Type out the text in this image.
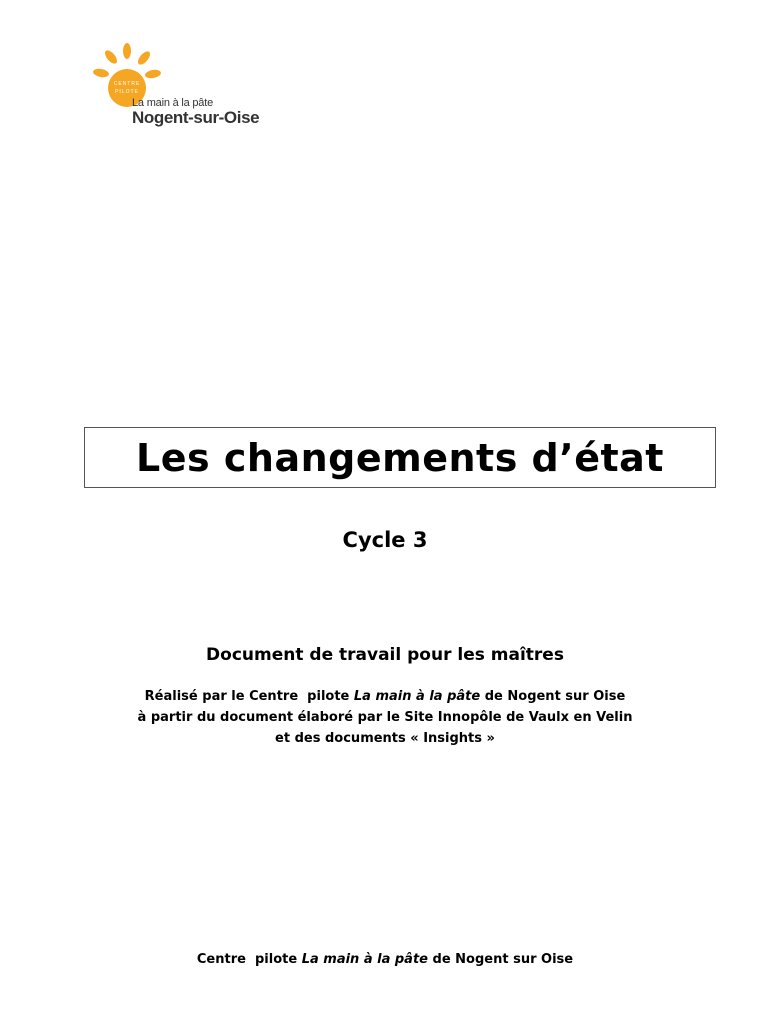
CENTRE
PILOTE
La main à la pâte
Nogent-sur-Oise
Les changements d’état
Cycle 3
Document de travail pour les maîtres
Réalisé par le Centre  pilote La main à la pâte de Nogent sur Oise
à partir du document élaboré par le Site Innopôle de Vaulx en Velin
et des documents « Insights »
Centre  pilote La main à la pâte de Nogent sur Oise
